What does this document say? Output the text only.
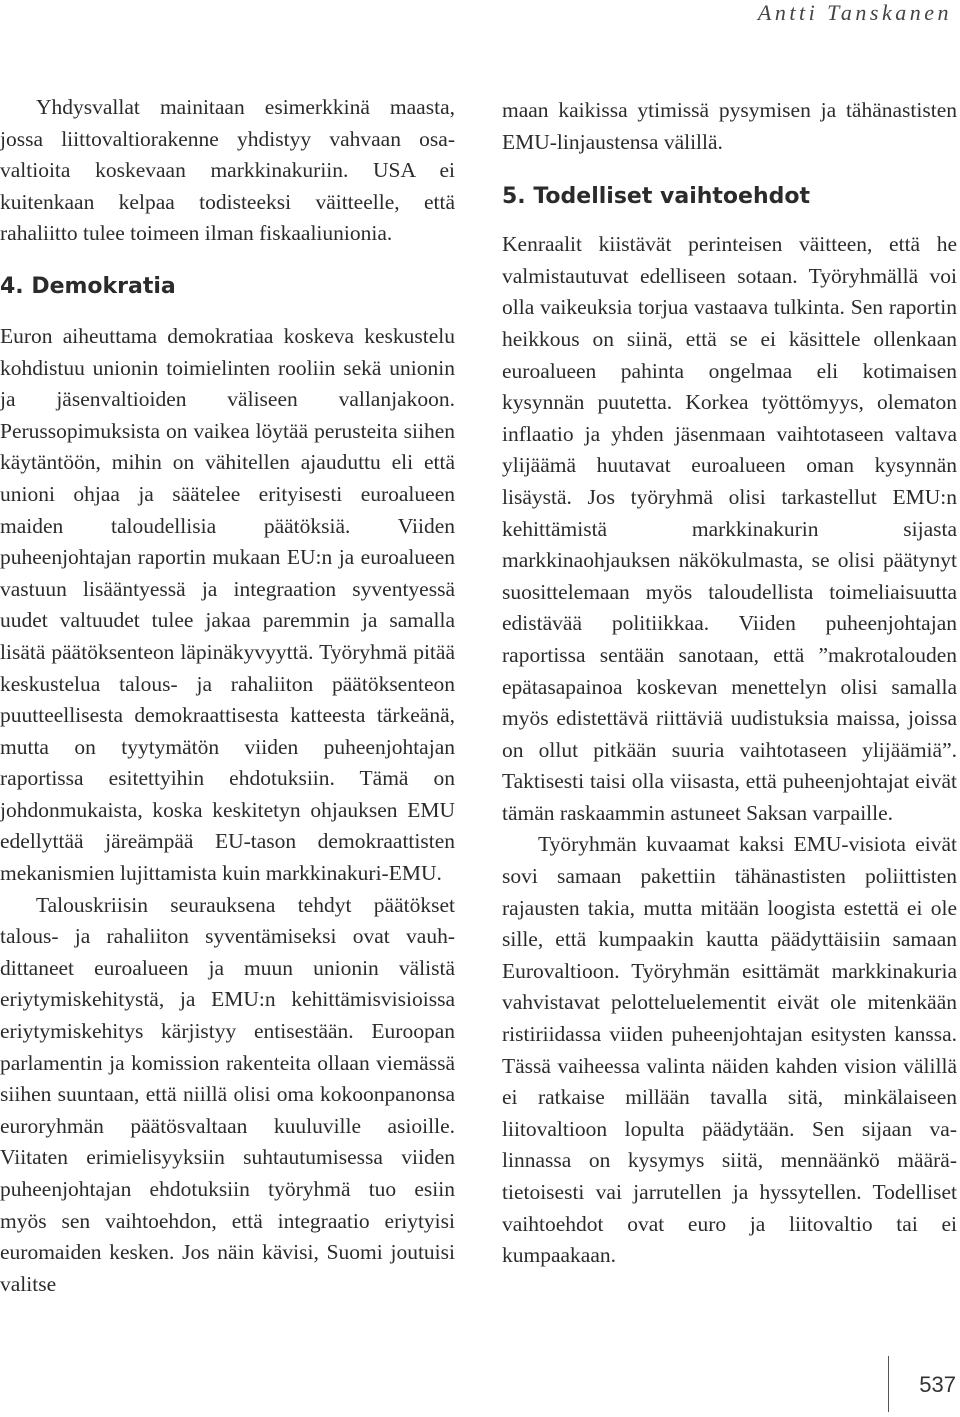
Antti Tanskanen

Yhdysvallat mainitaan esimerkkinä maasta, jossa liittovaltiorakenne yhdistyy vahvaan osavaltioita koskevaan markkinakuriin. USA ei kuitenkaan kelpaa todisteeksi väitteelle, että rahaliitto tulee toimeen ilman fiskaaliunionia.

4. Demokratia

Euron aiheuttama demokratiaa koskeva keskustelu kohdistuu unionin toimielinten rooliin sekä unionin ja jäsenvaltioiden väliseen vallanjakoon. Perussopimuksista on vaikea löytää perusteita siihen käytäntöön, mihin on vähitellen ajauduttu eli että unioni ohjaa ja säätelee erityisesti euroalueen maiden taloudellisia päätöksiä. Viiden puheenjohtajan raportin mukaan EU:n ja euroalueen vastuun lisääntyessä ja integraation syventyessä uudet valtuudet tulee jakaa paremmin ja samalla lisätä päätöksenteon läpinäkyvyyttä. Työryhmä pitää keskustelua talous- ja rahaliiton päätöksenteon puutteellisesta demokraattisesta katteesta tärkeänä, mutta on tyytymätön viiden puheenjohtajan raportissa esitettyihin ehdotuksiin. Tämä on johdonmukaista, koska keskitetyn ohjauksen EMU edellyttää järeämpää EU-tason demokraattisten mekanismien lujittamista kuin markkinakuri-EMU.

Talouskriisin seurauksena tehdyt päätökset talous- ja rahaliiton syventämiseksi ovat vauhdittaneet euroalueen ja muun unionin välistä eriytymiskehitystä, ja EMU:n kehittämisvisioissa eriytymiskehitys kärjistyy entisestään. Euroopan parlamentin ja komission rakenteita ollaan viemässä siihen suuntaan, että niillä olisi oma kokoonpanonsa euroryhmän päätösvaltaan kuuluville asioille. Viitaten erimielisyyksiin suhtautumisessa viiden puheenjohtajan ehdotuksiin työryhmä tuo esiin myös sen vaihtoehdon, että integraatio eriytyisi euromaiden kesken. Jos näin kävisi, Suomi joutuisi valitse

maan kaikissa ytimissä pysymisen ja tähänastisten EMU-linjaustensa välillä.

5. Todelliset vaihtoehdot

Kenraalit kiistävät perinteisen väitteen, että he valmistautuvat edelliseen sotaan. Työryhmällä voi olla vaikeuksia torjua vastaava tulkinta. Sen raportin heikkous on siinä, että se ei käsittele ollenkaan euroalueen pahinta ongelmaa eli kotimaisen kysynnän puutetta. Korkea työttömyys, olematon inflaatio ja yhden jäsenmaan vaihtotaseen valtava ylijäämä huutavat euroalueen oman kysynnän lisäystä. Jos työryhmä olisi tarkastellut EMU:n kehittämistä markkinakurin sijasta markkinaohjauksen näkökulmasta, se olisi päätynyt suosittelemaan myös taloudellista toimeliaisuutta edistävää politiikkaa. Viiden puheenjohtajan raportissa sentään sanotaan, että ”makrotalouden epätasapainoa koskevan menettelyn olisi samalla myös edistettävä riittäviä uudistuksia maissa, joissa on ollut pitkään suuria vaihtotaseen ylijäämiä”. Taktisesti taisi olla viisasta, että puheenjohtajat eivät tämän raskaammin astuneet Saksan varpaille.

Työryhmän kuvaamat kaksi EMU-visiota eivät sovi samaan pakettiin tähänastisten poliittisten rajausten takia, mutta mitään loogista estettä ei ole sille, että kumpaakin kautta päädyttäisiin samaan Eurovaltioon. Työryhmän esittämät markkinakuria vahvistavat pelotteluelementit eivät ole mitenkään ristiriidassa viiden puheenjohtajan esitysten kanssa. Tässä vaiheessa valinta näiden kahden vision välillä ei ratkaise millään tavalla sitä, minkälaiseen liitovaltioon lopulta päädytään. Sen sijaan valinnassa on kysymys siitä, mennäänkö määrätietoisesti vai jarrutellen ja hyssytellen. Todelliset vaihtoehdot ovat euro ja liitovaltio tai ei kumpaakaan.

537
